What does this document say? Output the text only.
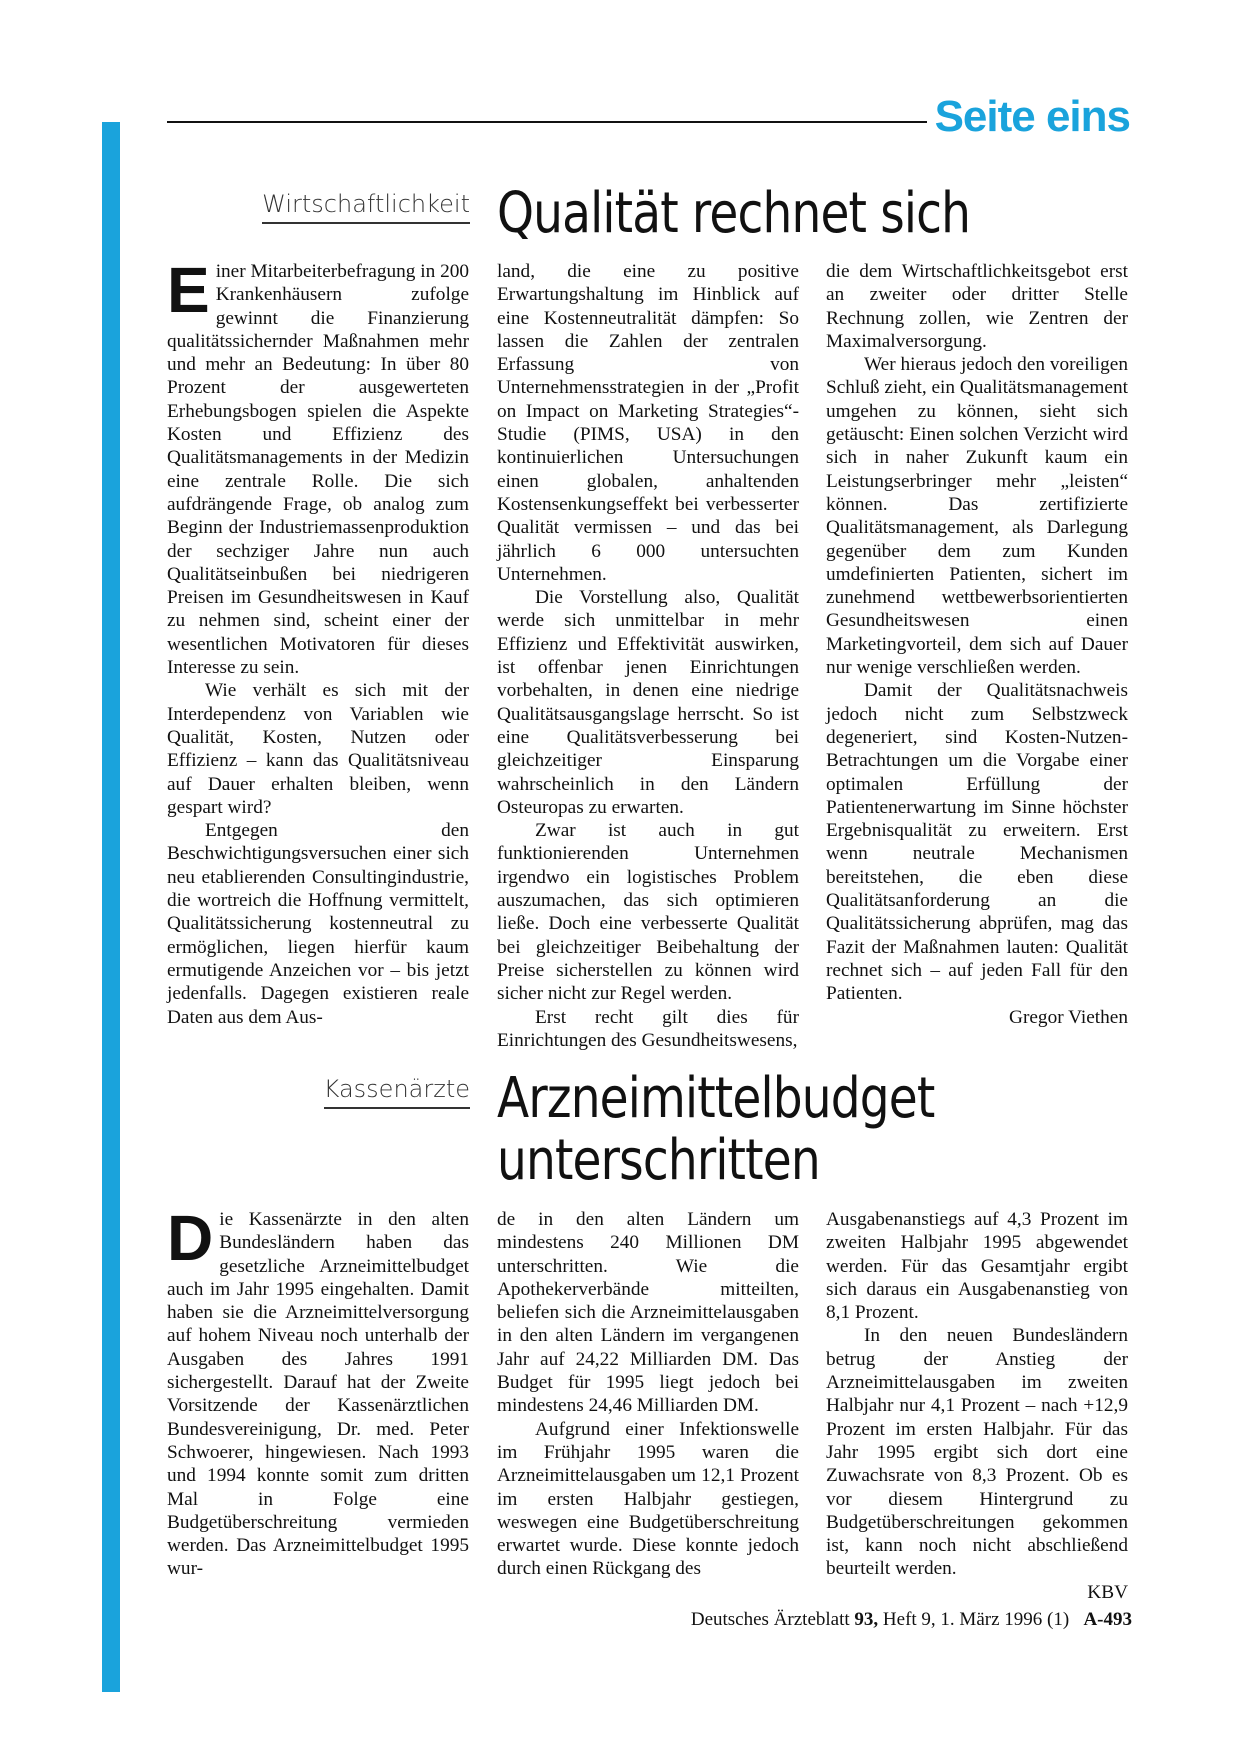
Seite eins
Wirtschaftlichkeit Qualität rechnet sich

Einer Mitarbeiterbefragung in 200 Krankenhäusern zufolge gewinnt die Finanzierung qualitätssichernder Maßnahmen mehr und mehr an Bedeutung: In über 80 Prozent der ausgewerteten Erhebungsbogen spielen die Aspekte Kosten und Effizienz des Qualitätsmanagements in der Medizin eine zentrale Rolle. Die sich aufdrängende Frage, ob analog zum Beginn der Industriemassenproduktion der sechziger Jahre nun auch Qualitätseinbußen bei niedrigeren Preisen im Gesundheitswesen in Kauf zu nehmen sind, scheint einer der wesentlichen Motivatoren für dieses Interesse zu sein.

Wie verhält es sich mit der Interdependenz von Variablen wie Qualität, Kosten, Nutzen oder Effizienz – kann das Qualitätsniveau auf Dauer erhalten bleiben, wenn gespart wird?

Entgegen den Beschwichtigungsversuchen einer sich neu etablierenden Consultingindustrie, die wortreich die Hoffnung vermittelt, Qualitätssicherung kostenneutral zu ermöglichen, liegen hierfür kaum ermutigende Anzeichen vor – bis jetzt jedenfalls. Dagegen existieren reale Daten aus dem Aus-

land, die eine zu positive Erwartungshaltung im Hinblick auf eine Kostenneutralität dämpfen: So lassen die Zahlen der zentralen Erfassung von Unternehmensstrategien in der „Profit on Impact on Marketing Strategies“-Studie (PIMS, USA) in den kontinuierlichen Untersuchungen einen globalen, anhaltenden Kostensenkungseffekt bei verbesserter Qualität vermissen – und das bei jährlich 6 000 untersuchten Unternehmen.

Die Vorstellung also, Qualität werde sich unmittelbar in mehr Effizienz und Effektivität auswirken, ist offenbar jenen Einrichtungen vorbehalten, in denen eine niedrige Qualitätsausgangslage herrscht. So ist eine Qualitätsverbesserung bei gleichzeitiger Einsparung wahrscheinlich in den Ländern Osteuropas zu erwarten.

Zwar ist auch in gut funktionierenden Unternehmen irgendwo ein logistisches Problem auszumachen, das sich optimieren ließe. Doch eine verbesserte Qualität bei gleichzeitiger Beibehaltung der Preise sicherstellen zu können wird sicher nicht zur Regel werden.

Erst recht gilt dies für Einrichtungen des Gesundheitswesens,

die dem Wirtschaftlichkeitsgebot erst an zweiter oder dritter Stelle Rechnung zollen, wie Zentren der Maximalversorgung.

Wer hieraus jedoch den voreiligen Schluß zieht, ein Qualitätsmanagement umgehen zu können, sieht sich getäuscht: Einen solchen Verzicht wird sich in naher Zukunft kaum ein Leistungserbringer mehr „leisten“ können. Das zertifizierte Qualitätsmanagement, als Darlegung gegenüber dem zum Kunden umdefinierten Patienten, sichert im zunehmend wettbewerbsorientierten Gesundheitswesen einen Marketingvorteil, dem sich auf Dauer nur wenige verschließen werden.

Damit der Qualitätsnachweis jedoch nicht zum Selbstzweck degeneriert, sind Kosten-Nutzen-Betrachtungen um die Vorgabe einer optimalen Erfüllung der Patientenerwartung im Sinne höchster Ergebnisqualität zu erweitern. Erst wenn neutrale Mechanismen bereitstehen, die eben diese Qualitätsanforderung an die Qualitätssicherung abprüfen, mag das Fazit der Maßnahmen lauten: Qualität rechnet sich – auf jeden Fall für den Patienten.

Gregor Viethen

Kassenärzte Arzneimittelbudget
unterschritten

Die Kassenärzte in den alten Bundesländern haben das gesetzliche Arzneimittelbudget auch im Jahr 1995 eingehalten. Damit haben sie die Arzneimittelversorgung auf hohem Niveau noch unterhalb der Ausgaben des Jahres 1991 sichergestellt. Darauf hat der Zweite Vorsitzende der Kassenärztlichen Bundesvereinigung, Dr. med. Peter Schwoerer, hingewiesen. Nach 1993 und 1994 konnte somit zum dritten Mal in Folge eine Budgetüberschreitung vermieden werden. Das Arzneimittelbudget 1995 wur-

de in den alten Ländern um mindestens 240 Millionen DM unterschritten. Wie die Apothekerverbände mitteilten, beliefen sich die Arzneimittelausgaben in den alten Ländern im vergangenen Jahr auf 24,22 Milliarden DM. Das Budget für 1995 liegt jedoch bei mindestens 24,46 Milliarden DM.

Aufgrund einer Infektionswelle im Frühjahr 1995 waren die Arzneimittelausgaben um 12,1 Prozent im ersten Halbjahr gestiegen, weswegen eine Budgetüberschreitung erwartet wurde. Diese konnte jedoch durch einen Rückgang des

Ausgabenanstiegs auf 4,3 Prozent im zweiten Halbjahr 1995 abgewendet werden. Für das Gesamtjahr ergibt sich daraus ein Ausgabenanstieg von 8,1 Prozent.

In den neuen Bundesländern betrug der Anstieg der Arzneimittelausgaben im zweiten Halbjahr nur 4,1 Prozent – nach +12,9 Prozent im ersten Halbjahr. Für das Jahr 1995 ergibt sich dort eine Zuwachsrate von 8,3 Prozent. Ob es vor diesem Hintergrund zu Budgetüberschreitungen gekommen ist, kann noch nicht abschließend beurteilt werden.

KBV

Deutsches Ärzteblatt 93, Heft 9, 1. März 1996 (1) A-493
